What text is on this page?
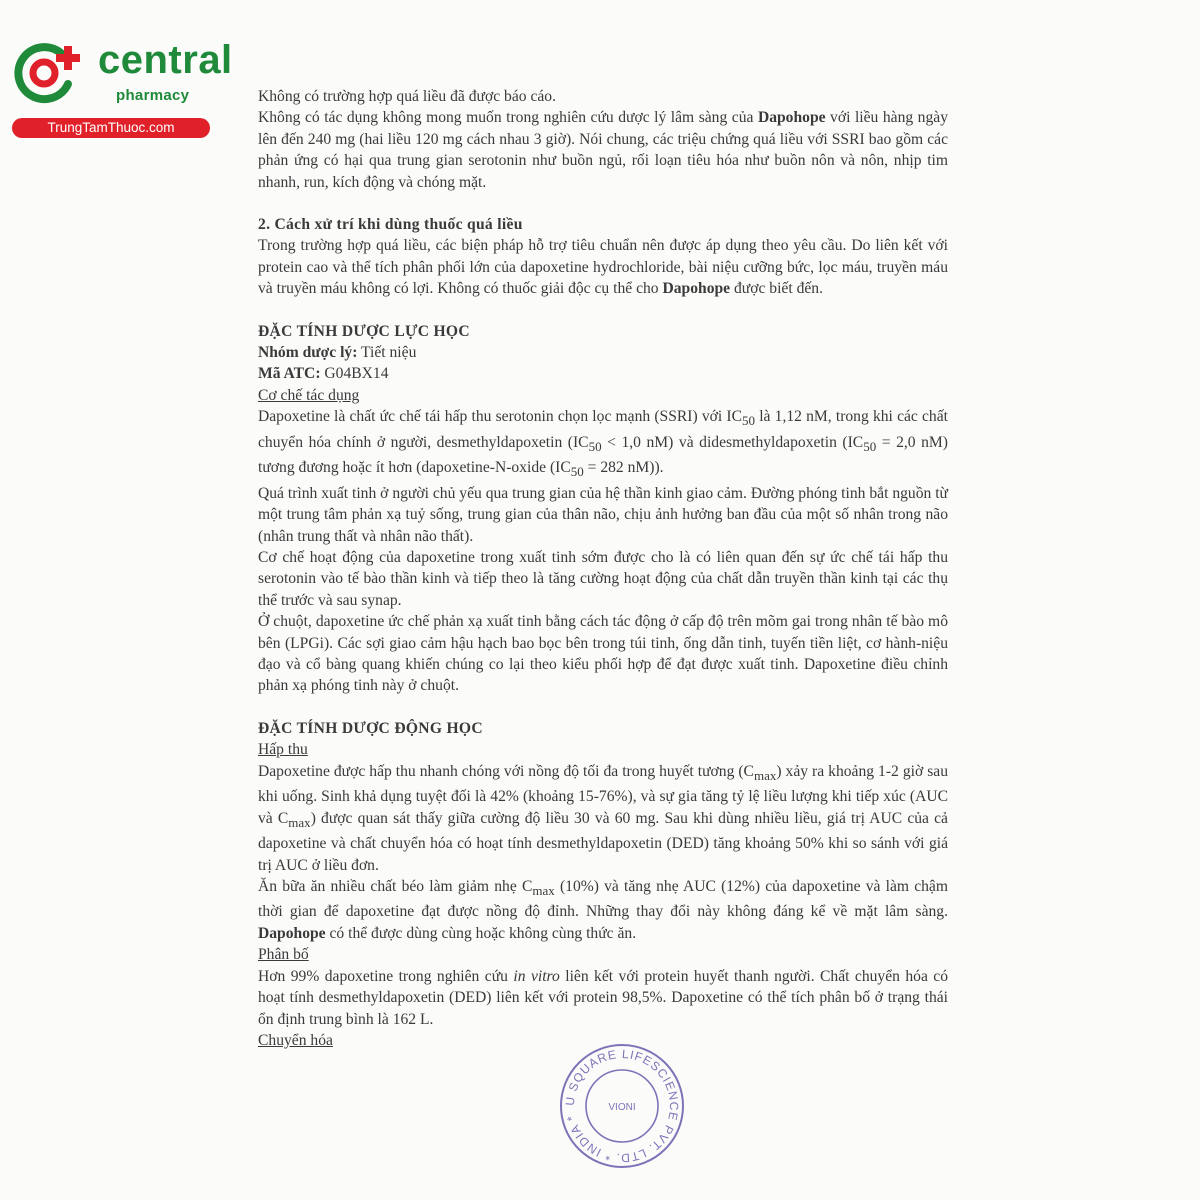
central
pharmacy
TrungTamThuoc.com

Không có trường hợp quá liều đã được báo cáo.

Không có tác dụng không mong muốn trong nghiên cứu dược lý lâm sàng của Dapohope với liều hàng ngày lên đến 240 mg (hai liều 120 mg cách nhau 3 giờ). Nói chung, các triệu chứng quá liều với SSRI bao gồm các phản ứng có hại qua trung gian serotonin như buồn ngủ, rối loạn tiêu hóa như buồn nôn và nôn, nhịp tim nhanh, run, kích động và chóng mặt.

2. Cách xử trí khi dùng thuốc quá liều

Trong trường hợp quá liều, các biện pháp hỗ trợ tiêu chuẩn nên được áp dụng theo yêu cầu. Do liên kết với protein cao và thể tích phân phối lớn của dapoxetine hydrochloride, bài niệu cưỡng bức, lọc máu, truyền máu và truyền máu không có lợi. Không có thuốc giải độc cụ thể cho Dapohope được biết đến.

ĐẶC TÍNH DƯỢC LỰC HỌC

Nhóm dược lý: Tiết niệu

Mã ATC: G04BX14

Cơ chế tác dụng

Dapoxetine là chất ức chế tái hấp thu serotonin chọn lọc mạnh (SSRI) với $IC_{50}$ là 1,12 nM, trong khi các chất chuyển hóa chính ở người, desmethyldapoxetin ($IC_{50} < 1,0$ nM) và didesmethyldapoxetin ($IC_{50} = 2,0$ nM) tương đương hoặc ít hơn (dapoxetine-N-oxide ($IC_{50} = 282$ nM)).

Quá trình xuất tinh ở người chủ yếu qua trung gian của hệ thần kinh giao cảm. Đường phóng tinh bắt nguồn từ một trung tâm phản xạ tuỷ sống, trung gian của thân não, chịu ảnh hưởng ban đầu của một số nhân trong não (nhân trung thất và nhân não thất).

Cơ chế hoạt động của dapoxetine trong xuất tinh sớm được cho là có liên quan đến sự ức chế tái hấp thu serotonin vào tế bào thần kinh và tiếp theo là tăng cường hoạt động của chất dẫn truyền thần kinh tại các thụ thể trước và sau synap.

Ở chuột, dapoxetine ức chế phản xạ xuất tinh bằng cách tác động ở cấp độ trên mõm gai trong nhân tế bào mô bên (LPGi). Các sợi giao cảm hậu hạch bao bọc bên trong túi tinh, ống dẫn tinh, tuyến tiền liệt, cơ hành-niệu đạo và cổ bàng quang khiến chúng co lại theo kiểu phối hợp để đạt được xuất tinh. Dapoxetine điều chỉnh phản xạ phóng tinh này ở chuột.

ĐẶC TÍNH DƯỢC ĐỘNG HỌC

Hấp thu

Dapoxetine được hấp thu nhanh chóng với nồng độ tối đa trong huyết tương $(C_{max})$ xảy ra khoảng 1-2 giờ sau khi uống. Sinh khả dụng tuyệt đối là 42% (khoảng 15-76%), và sự gia tăng tỷ lệ liều lượng khi tiếp xúc (AUC và $C_{max}$) được quan sát thấy giữa cường độ liều 30 và 60 mg. Sau khi dùng nhiều liều, giá trị AUC của cả dapoxetine và chất chuyển hóa có hoạt tính desmethyldapoxetin (DED) tăng khoảng 50% khi so sánh với giá trị AUC ở liều đơn.

Ăn bữa ăn nhiều chất béo làm giảm nhẹ $C_{max}$ (10%) và tăng nhẹ AUC (12%) của dapoxetine và làm chậm thời gian để dapoxetine đạt được nồng độ đỉnh. Những thay đổi này không đáng kể về mặt lâm sàng. Dapohope có thể được dùng cùng hoặc không cùng thức ăn.

Phân bố

Hơn 99% dapoxetine trong nghiên cứu in vitro liên kết với protein huyết thanh người. Chất chuyển hóa có hoạt tính desmethyldapoxetin (DED) liên kết với protein 98,5%. Dapoxetine có thể tích phân bố ở trạng thái ổn định trung bình là 162 L.

Chuyển hóa

U SQUARE LIFESCIENCE PVT. LTD. * INDIA *
VIONI
